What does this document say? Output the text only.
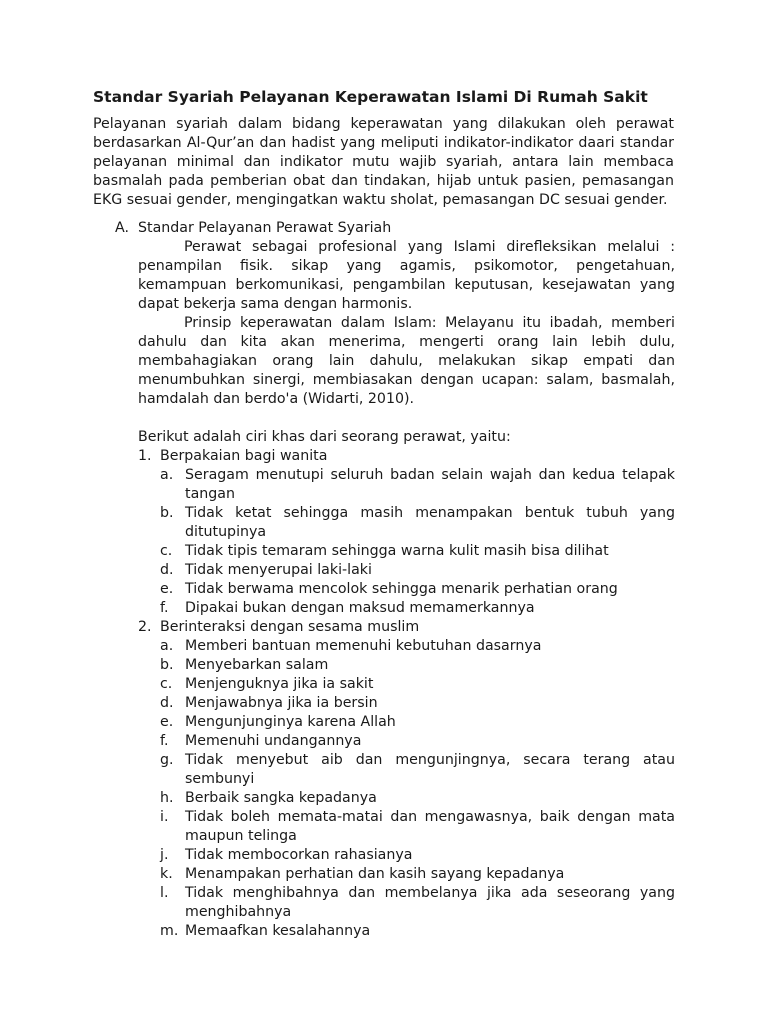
Standar Syariah Pelayanan Keperawatan Islami Di Rumah Sakit

Pelayanan syariah dalam bidang keperawatan yang dilakukan oleh perawat berdasarkan Al-Qur’an dan hadist yang meliputi indikator-indikator daari standar pelayanan minimal dan indikator mutu wajib syariah, antara lain membaca basmalah pada pemberian obat dan tindakan, hijab untuk pasien, pemasangan EKG sesuai gender, mengingatkan waktu sholat, pemasangan DC sesuai gender.

A. Standar Pelayanan Perawat Syariah

Perawat sebagai profesional yang Islami direfleksikan melalui : penampilan fisik. sikap yang agamis, psikomotor, pengetahuan, kemampuan berkomunikasi, pengambilan keputusan, kesejawatan yang dapat bekerja sama dengan harmonis.

Prinsip keperawatan dalam Islam: Melayanu itu ibadah, memberi dahulu dan kita akan menerima, mengerti orang lain lebih dulu, membahagiakan orang lain dahulu, melakukan sikap empati dan menumbuhkan sinergi, membiasakan dengan ucapan: salam, basmalah, hamdalah dan berdo'a (Widarti, 2010).

Berikut adalah ciri khas dari seorang perawat, yaitu:

1. Berpakaian bagi wanita
a. Seragam menutupi seluruh badan selain wajah dan kedua telapak tangan
b. Tidak ketat sehingga masih menampakan bentuk tubuh yang ditutupinya
c. Tidak tipis temaram sehingga warna kulit masih bisa dilihat
d. Tidak menyerupai laki-laki
e. Tidak berwama mencolok sehingga menarik perhatian orang
f. Dipakai bukan dengan maksud memamerkannya
2. Berinteraksi dengan sesama muslim
a. Memberi bantuan memenuhi kebutuhan dasarnya
b. Menyebarkan salam
c. Menjenguknya jika ia sakit
d. Menjawabnya jika ia bersin
e. Mengunjunginya karena Allah
f. Memenuhi undangannya
g. Tidak menyebut aib dan mengunjingnya, secara terang atau sembunyi
h. Berbaik sangka kepadanya
i. Tidak boleh memata-matai dan mengawasnya, baik dengan mata maupun telinga
j. Tidak membocorkan rahasianya
k. Menampakan perhatian dan kasih sayang kepadanya
l. Tidak menghibahnya dan membelanya jika ada seseorang yang menghibahnya
m. Memaafkan kesalahannya
